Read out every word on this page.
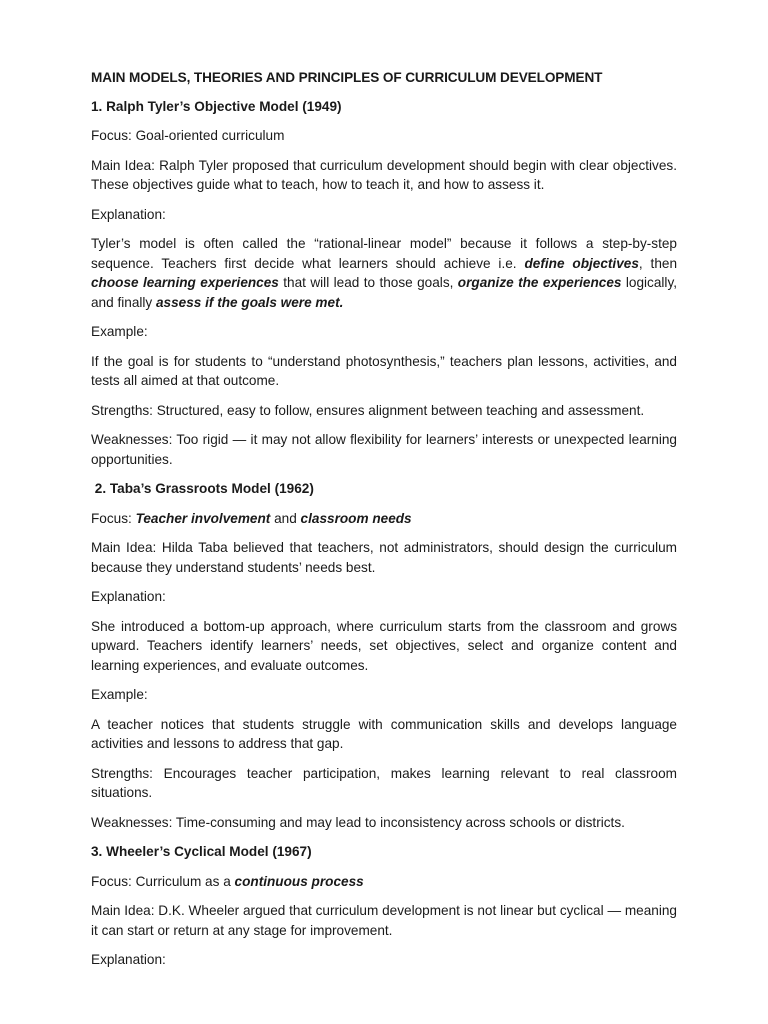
MAIN MODELS, THEORIES AND PRINCIPLES OF CURRICULUM DEVELOPMENT

1. Ralph Tyler’s Objective Model (1949)

Focus: Goal-oriented curriculum

Main Idea: Ralph Tyler proposed that curriculum development should begin with clear objectives. These objectives guide what to teach, how to teach it, and how to assess it.

Explanation:

Tyler’s model is often called the “rational-linear model” because it follows a step-by-step sequence. Teachers first decide what learners should achieve i.e. define objectives, then choose learning experiences that will lead to those goals, organize the experiences logically, and finally assess if the goals were met.

Example:

If the goal is for students to “understand photosynthesis,” teachers plan lessons, activities, and tests all aimed at that outcome.

Strengths: Structured, easy to follow, ensures alignment between teaching and assessment.

Weaknesses: Too rigid — it may not allow flexibility for learners’ interests or unexpected learning opportunities.

2. Taba’s Grassroots Model (1962)

Focus: Teacher involvement and classroom needs

Main Idea: Hilda Taba believed that teachers, not administrators, should design the curriculum because they understand students’ needs best.

Explanation:

She introduced a bottom-up approach, where curriculum starts from the classroom and grows upward. Teachers identify learners’ needs, set objectives, select and organize content and learning experiences, and evaluate outcomes.

Example:

A teacher notices that students struggle with communication skills and develops language activities and lessons to address that gap.

Strengths: Encourages teacher participation, makes learning relevant to real classroom situations.

Weaknesses: Time-consuming and may lead to inconsistency across schools or districts.

3. Wheeler’s Cyclical Model (1967)

Focus: Curriculum as a continuous process

Main Idea: D.K. Wheeler argued that curriculum development is not linear but cyclical — meaning it can start or return at any stage for improvement.

Explanation:
